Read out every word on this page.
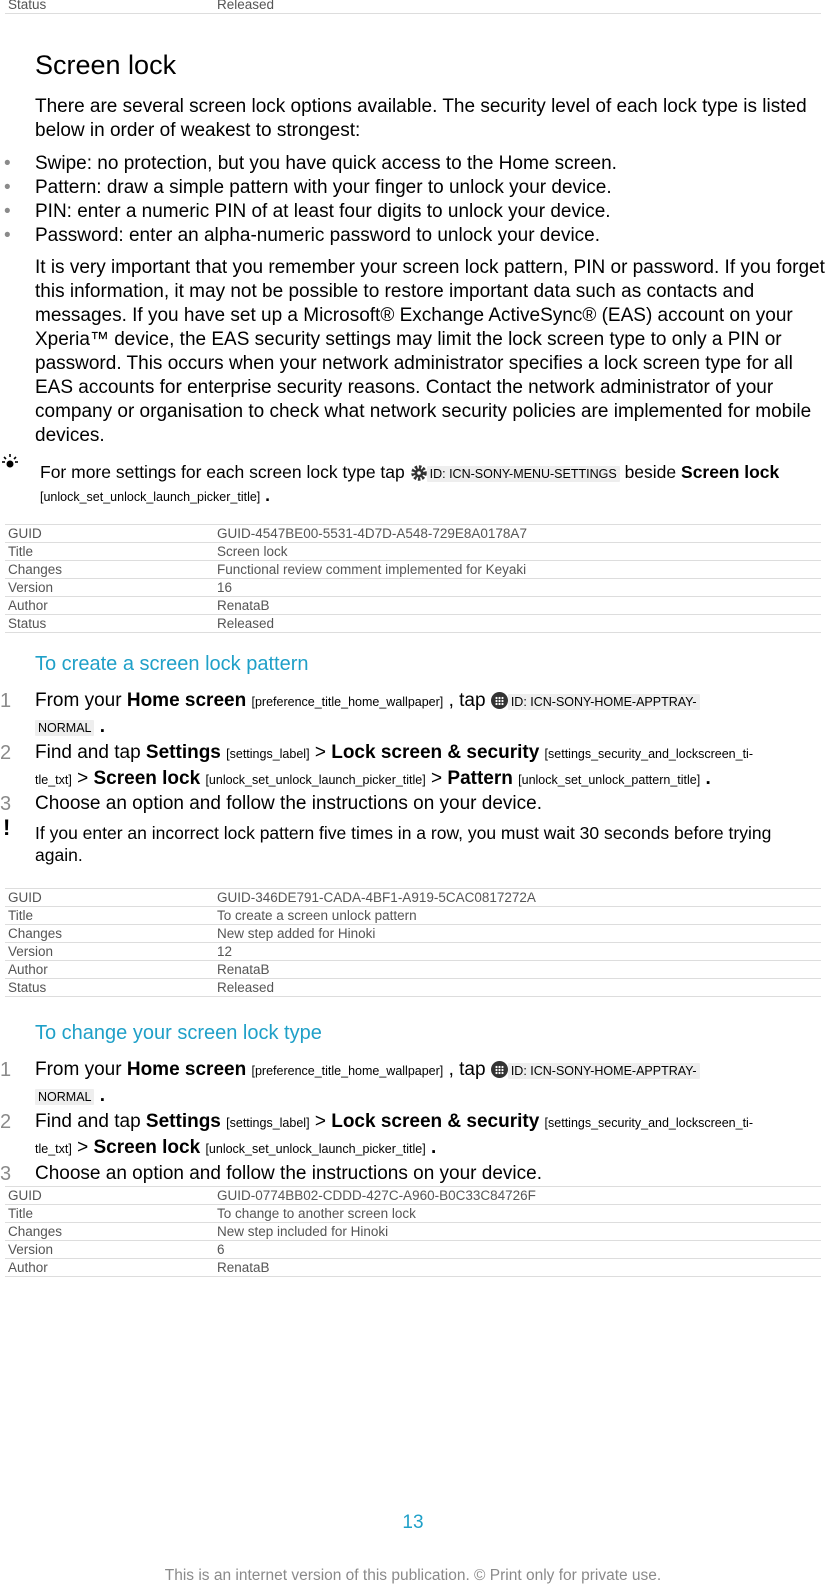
Status	Released
Screen lock

There are several screen lock options available. The security level of each lock type is listed below in order of weakest to strongest:

• Swipe: no protection, but you have quick access to the Home screen.
• Pattern: draw a simple pattern with your finger to unlock your device.
• PIN: enter a numeric PIN of at least four digits to unlock your device.
• Password: enter an alpha-numeric password to unlock your device.

It is very important that you remember your screen lock pattern, PIN or password. If you forget this information, it may not be possible to restore important data such as contacts and messages. If you have set up a Microsoft® Exchange ActiveSync® (EAS) account on your Xperia™ device, the EAS security settings may limit the lock screen type to only a PIN or password. This occurs when your network administrator specifies a lock screen type for all EAS accounts for enterprise security reasons. Contact the network administrator of your company or organisation to check what network security policies are implemented for mobile devices.

For more settings for each screen lock type tap ID: ICN-SONY-MENU-SETTINGS beside Screen lock
[unlock_set_unlock_launch_picker_title] .
GUID	GUID-4547BE00-5531-4D7D-A548-729E8A0178A7
Title	Screen lock
Changes	Functional review comment implemented for Keyaki
Version	16
Author	RenataB
Status	Released
To create a screen lock pattern
1 From your Home screen [preference_title_home_wallpaper] , tap ID: ICN-SONY-HOME-APPTRAY-
NORMAL .
2 Find and tap Settings [settings_label] > Lock screen & security [settings_security_and_lockscreen_ti-
tle_txt] > Screen lock [unlock_set_unlock_launch_picker_title] > Pattern [unlock_set_unlock_pattern_title] .
3 Choose an option and follow the instructions on your device.
! If you enter an incorrect lock pattern five times in a row, you must wait 30 seconds before trying again.
GUID	GUID-346DE791-CADA-4BF1-A919-5CAC0817272A
Title	To create a screen unlock pattern
Changes	New step added for Hinoki
Version	12
Author	RenataB
Status	Released
To change your screen lock type
1 From your Home screen [preference_title_home_wallpaper] , tap ID: ICN-SONY-HOME-APPTRAY-
NORMAL .
2 Find and tap Settings [settings_label] > Lock screen & security [settings_security_and_lockscreen_ti-
tle_txt] > Screen lock [unlock_set_unlock_launch_picker_title] .
3 Choose an option and follow the instructions on your device.
GUID	GUID-0774BB02-CDDD-427C-A960-B0C33C84726F
Title	To change to another screen lock
Changes	New step included for Hinoki
Version	6
Author	RenataB
13
This is an internet version of this publication. © Print only for private use.
